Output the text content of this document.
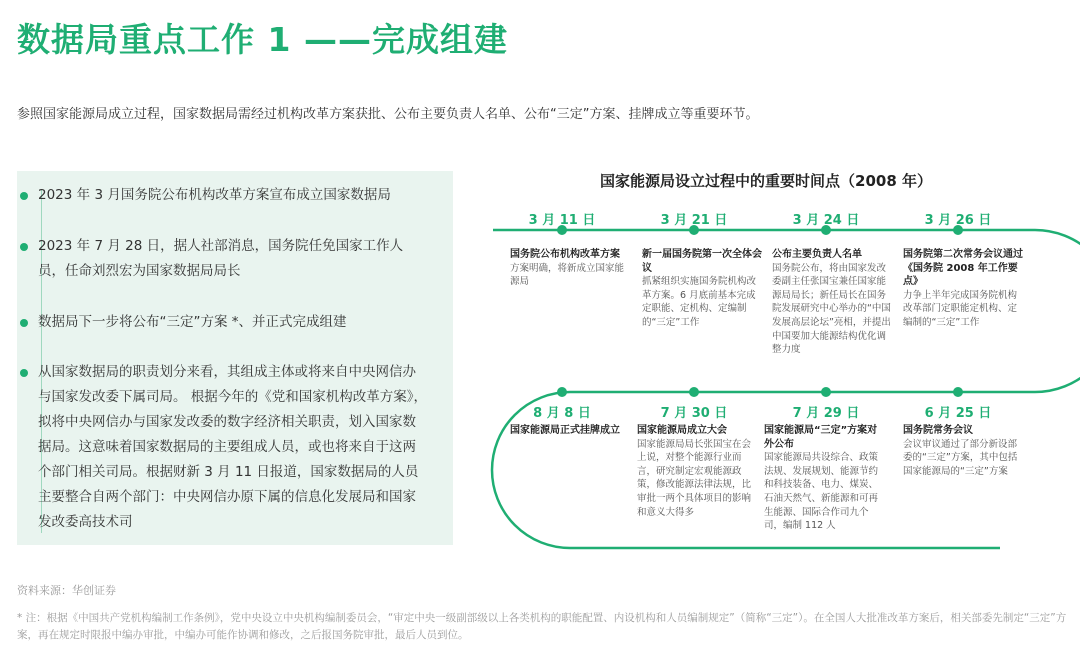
数据局重点工作 1 ——完成组建
参照国家能源局成立过程，国家数据局需经过机构改革方案获批、公布主要负责人名单、公布“三定”方案、挂牌成立等重要环节。
2023 年 3 月国务院公布机构改革方案宣布成立国家数据局
2023 年 7 月 28 日，据人社部消息，国务院任免国家工作人员，任命刘烈宏为国家数据局局长
数据局下一步将公布“三定”方案 *、并正式完成组建
从国家数据局的职责划分来看，其组成主体或将来自中央网信办与国家发改委下属司局。 根据今年的《党和国家机构改革方案》，拟将中央网信办与国家发改委的数字经济相关职责，划入国家数据局。这意味着国家数据局的主要组成人员，或也将来自于这两个部门相关司局。根据财新 3 月 11 日报道，国家数据局的人员主要整合自两个部门：中央网信办原下属的信息化发展局和国家发改委高技术司
国家能源局设立过程中的重要时间点（2008 年）
3 月 11 日
国务院公布机构改革方案
方案明确，将新成立国家能源局
3 月 21 日
新一届国务院第一次全体会议
抓紧组织实施国务院机构改革方案。6 月底前基本完成定职能、定机构、定编制的“三定”工作
3 月 24 日
公布主要负责人名单
国务院公布，将由国家发改委副主任张国宝兼任国家能源局局长；新任局长在国务院发展研究中心举办的“中国发展高层论坛”亮相，并提出中国要加大能源结构优化调整力度
3 月 26 日
国务院第二次常务会议通过《国务院 2008 年工作要点》
力争上半年完成国务院机构改革部门定职能定机构、定编制的“三定”工作
6 月 25 日
国务院常务会议
会议审议通过了部分新设部委的“三定”方案，其中包括国家能源局的“三定”方案
7 月 29 日
国家能源局“三定”方案对外公布
国家能源局共设综合、政策法规、发展规划、能源节约和科技装备、电力、煤炭、石油天然气、新能源和可再生能源、国际合作司九个司，编制 112 人
7 月 30 日
国家能源局成立大会
国家能源局局长张国宝在会上说，对整个能源行业而言，研究制定宏观能源政策，修改能源法律法规，比审批一两个具体项目的影响和意义大得多
8 月 8 日
国家能源局正式挂牌成立
资料来源：华创证券
* 注：根据《中国共产党机构编制工作条例》，党中央设立中央机构编制委员会，“审定中央一级副部级以上各类机构的职能配置、内设机构和人员编制规定”（简称“三定”）。在全国人大批准改革方案后，相关部委先制定“三定”方案，再在规定时限报中编办审批，中编办可能作协调和修改，之后报国务院审批，最后人员到位。
